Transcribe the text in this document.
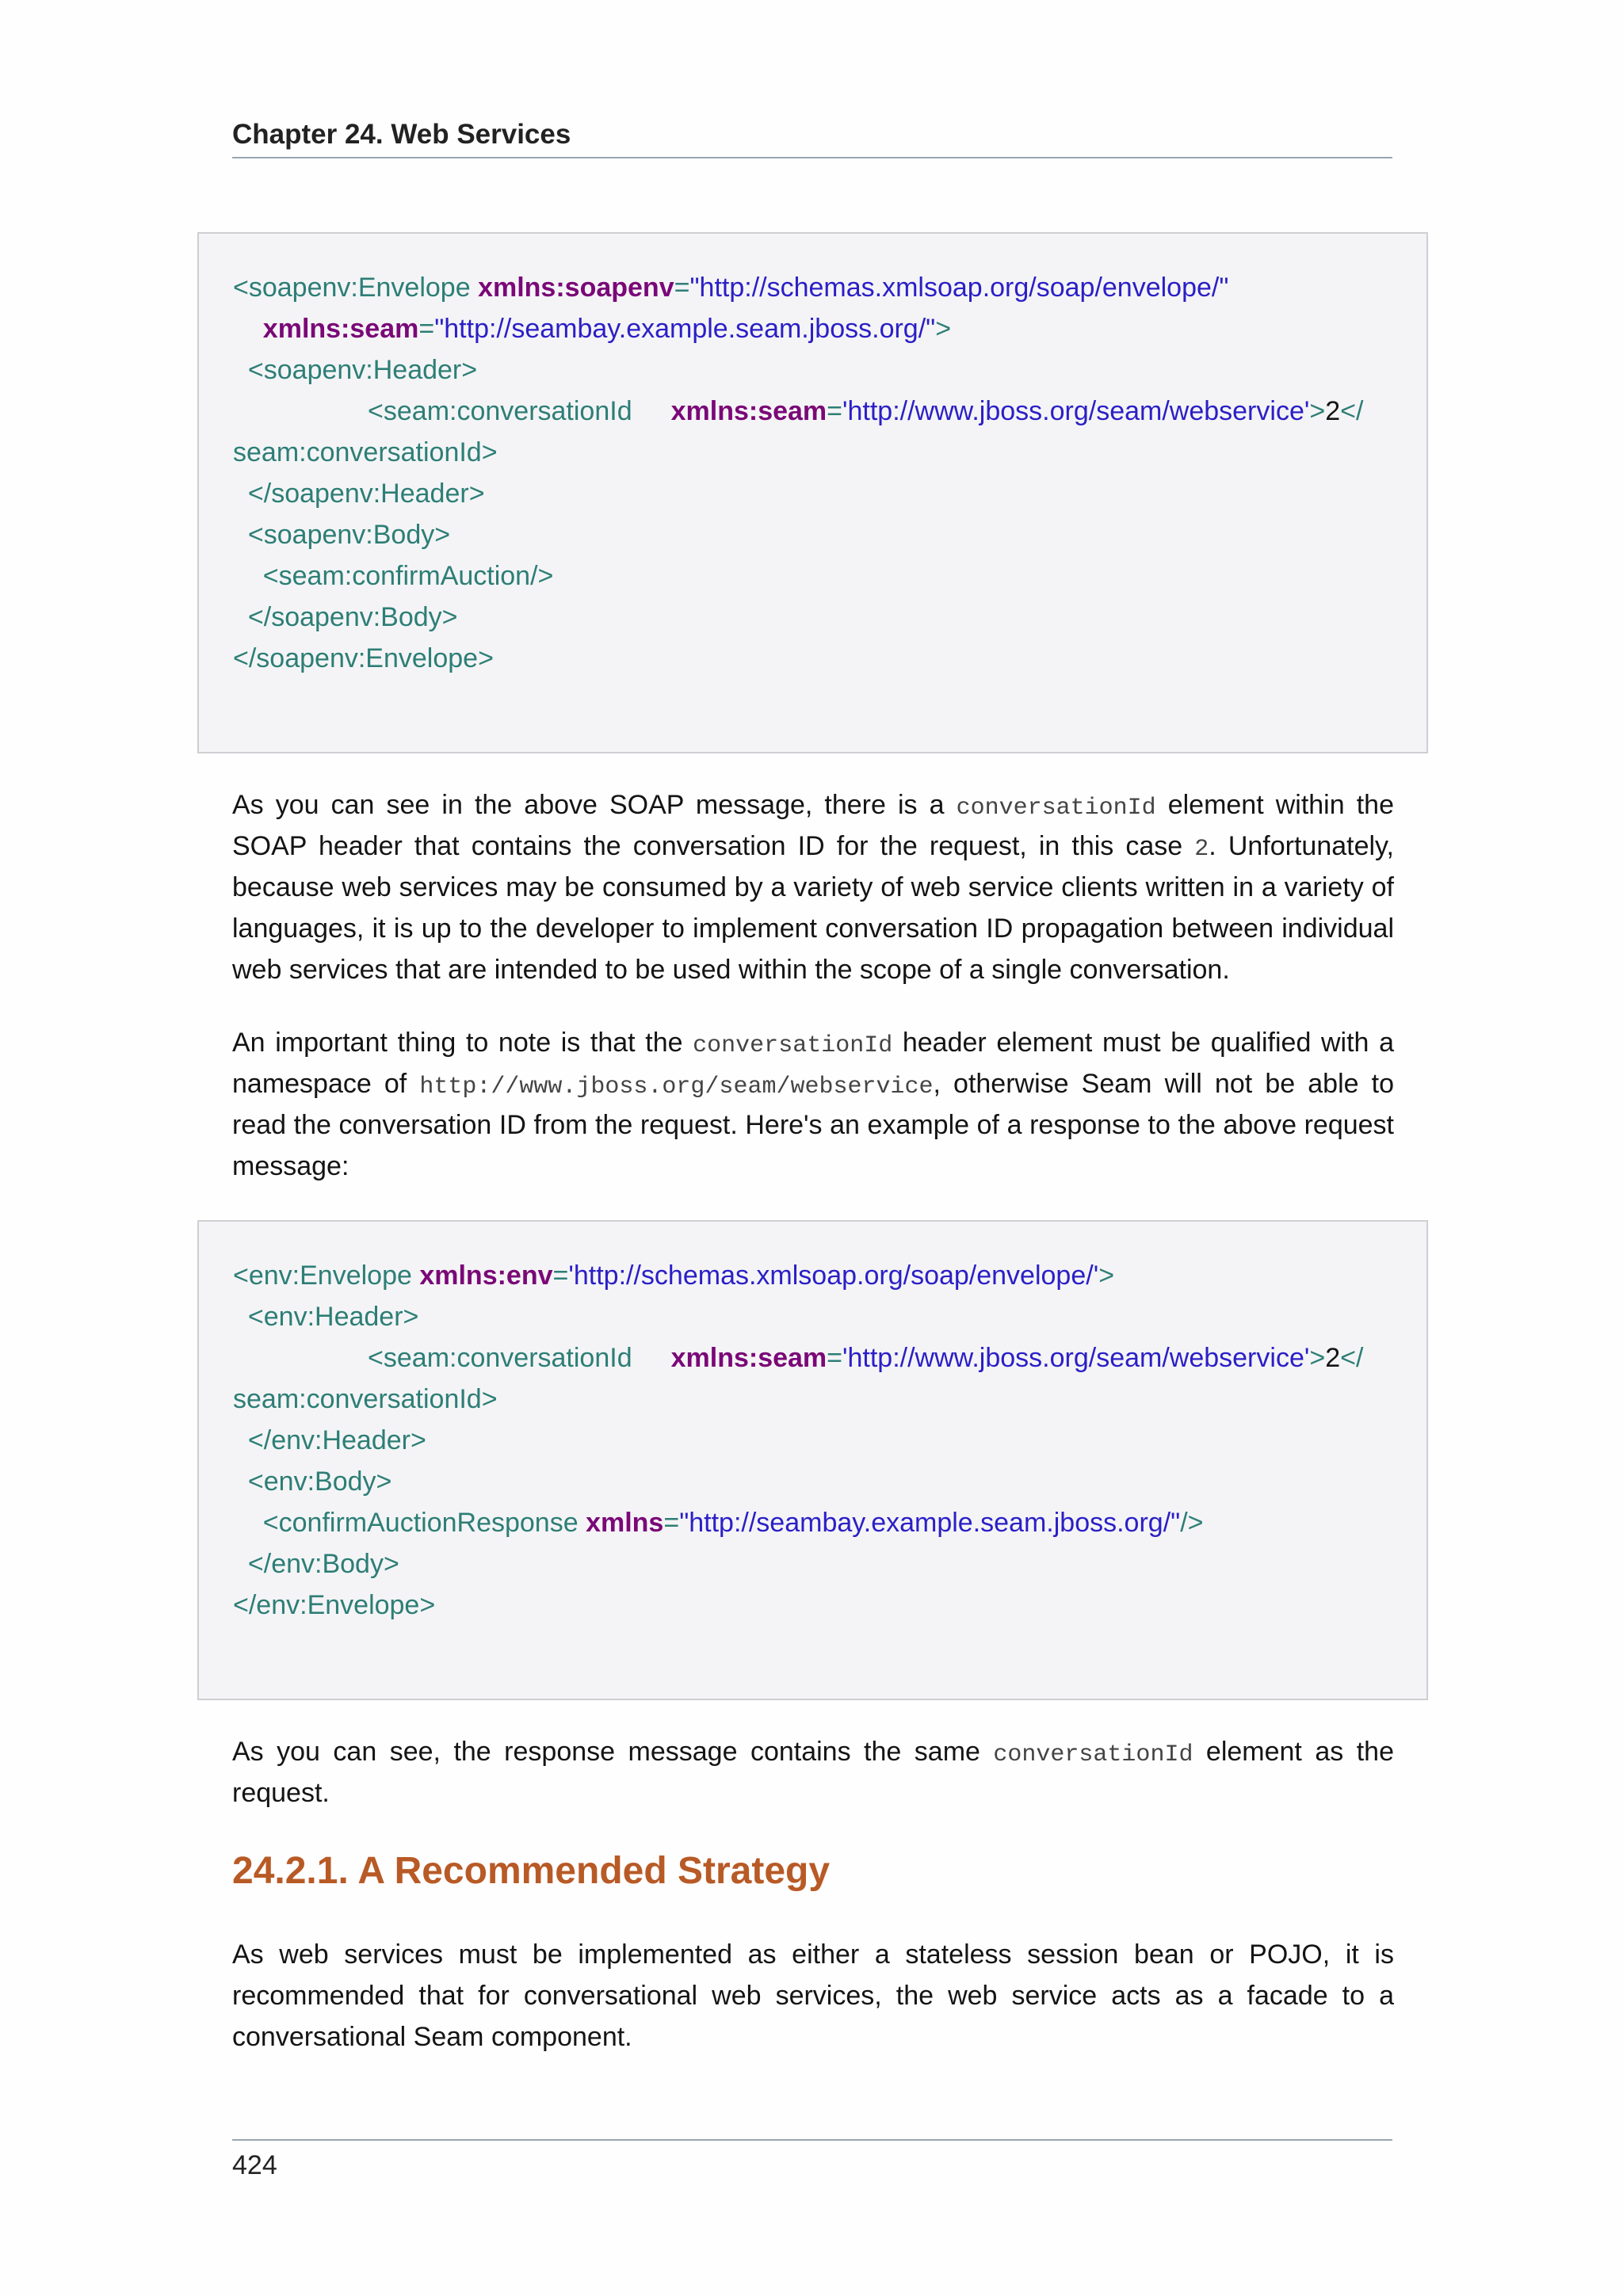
Chapter 24. Web Services
<soapenv:Envelope xmlns:soapenv="http://schemas.xmlsoap.org/soap/envelope/"
xmlns:seam="http://seambay.example.seam.jboss.org/">
<soapenv:Header>
<seam:conversationId xmlns:seam='http://www.jboss.org/seam/webservice'>2</
seam:conversationId>
</soapenv:Header>
<soapenv:Body>
<seam:confirmAuction/>
</soapenv:Body>
</soapenv:Envelope>

As you can see in the above SOAP message, there is a conversationId element within the
SOAP header that contains the conversation ID for the request, in this case 2. Unfortunately,
because web services may be consumed by a variety of web service clients written in a variety of
languages, it is up to the developer to implement conversation ID propagation between individual
web services that are intended to be used within the scope of a single conversation.

An important thing to note is that the conversationId header element must be qualified with a
namespace of http://www.jboss.org/seam/webservice, otherwise Seam will not be able to
read the conversation ID from the request. Here's an example of a response to the above request
message:

<env:Envelope xmlns:env='http://schemas.xmlsoap.org/soap/envelope/'>
<env:Header>
<seam:conversationId xmlns:seam='http://www.jboss.org/seam/webservice'>2</
seam:conversationId>
</env:Header>
<env:Body>
<confirmAuctionResponse xmlns="http://seambay.example.seam.jboss.org/"/>
</env:Body>
</env:Envelope>

As you can see, the response message contains the same conversationId element as the
request.

24.2.1. A Recommended Strategy

As web services must be implemented as either a stateless session bean or POJO, it is
recommended that for conversational web services, the web service acts as a facade to a
conversational Seam component.

424
